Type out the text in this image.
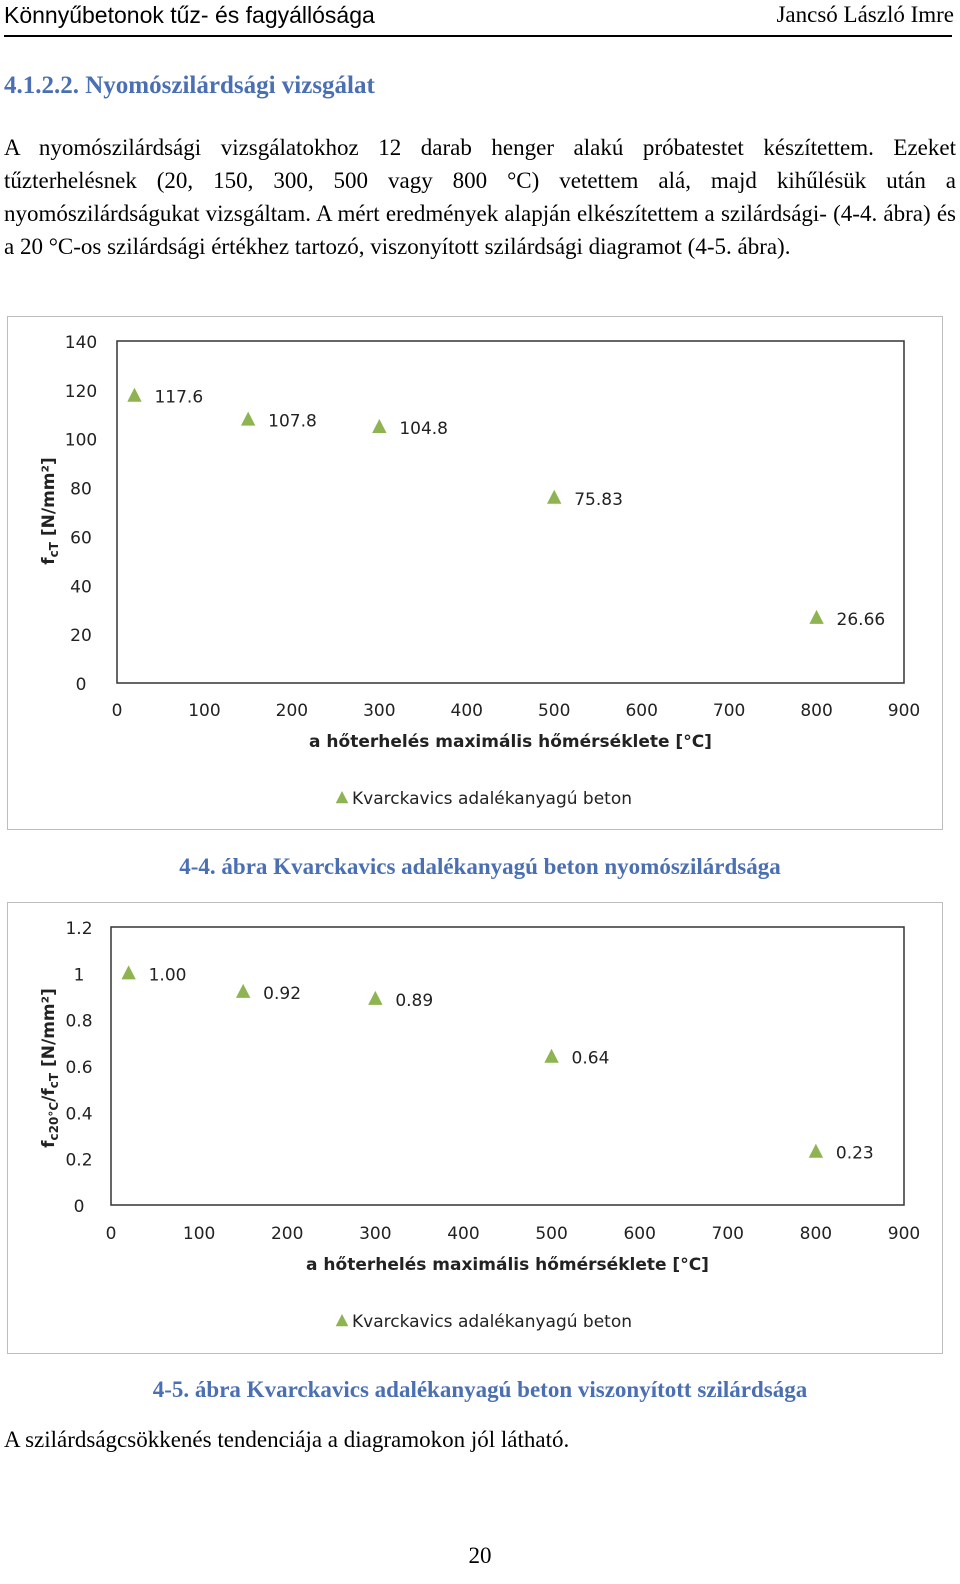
Könnyűbetonok tűz- és fagyállósága	Jancsó László Imre
4.1.2.2. Nyomószilárdsági vizsgálat
A nyomószilárdsági vizsgálatokhoz 12 darab henger alakú próbatestet készítettem. Ezeket tűzterhelésnek (20, 150, 300, 500 vagy 800 °C) vetettem alá, majd kihűlésük után a nyomószilárdságukat vizsgáltam. A mért eredmények alapján elkészítettem a szilárdsági- (4-4. ábra) és a 20 °C-os szilárdsági értékhez tartozó, viszonyított szilárdsági diagramot (4-5. ábra).
0
20
40
60
80
100
120
140
0	100	200	300	400	500	600	700	800	900
a hőterhelés maximális hőmérséklete [°C]
$f_{cT}$ [N/mm²]
117.6
107.8	104.8
75.83
26.66
Kvarckavics adalékanyagú beton
4-4. ábra Kvarckavics adalékanyagú beton nyomószilárdsága
0
0.2
0.4
0.6
0.8
1
1.2
0	100	200	300	400	500	600	700	800	900
a hőterhelés maximális hőmérséklete [°C]
$f_{c20^\circ C}/f_{cT}$ [N/mm²]
1.00
0.92	0.89
0.64
0.23
Kvarckavics adalékanyagú beton
4-5. ábra Kvarckavics adalékanyagú beton viszonyított szilárdsága
A szilárdságcsökkenés tendenciája a diagramokon jól látható.
20
